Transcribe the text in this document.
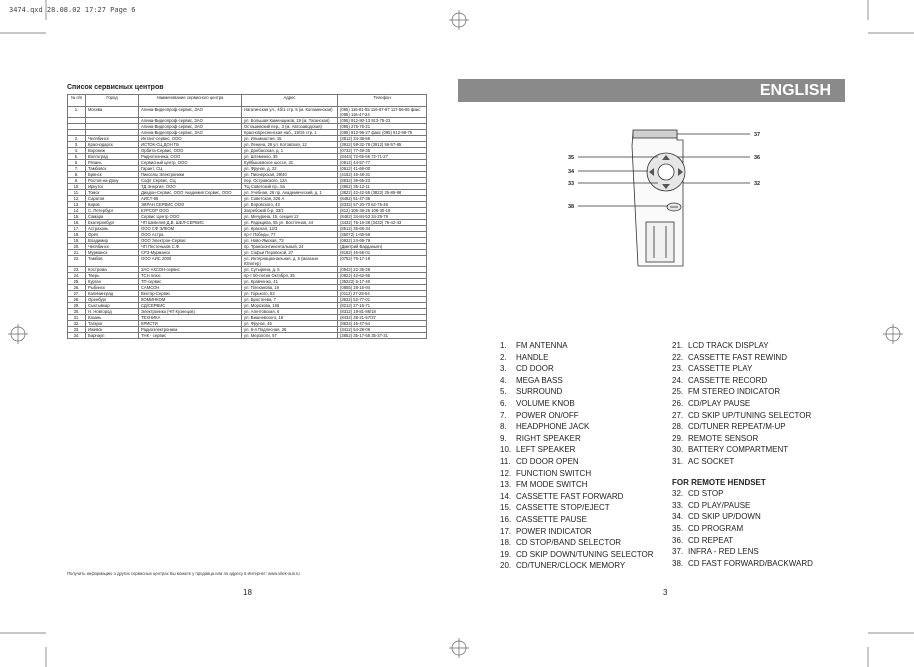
3474.qxd 28.08.02 17:27 Page 6
Список сервисных центров
№ п/п	Город	Наименование сервисного центра	Адрес	Телефон
1.	Москва	Алина-Видеопроф-сервис, ЗАО	Нагатинская ул., 4б/1 стр. 5 (м. Коломенская)	(095) 116-81-55 116-67-97 117-56-55 факс (095) 116-47-24
		Алина-Видеопроф-сервис, ЗАО	ул. Большая Каменщиков, 19 (м. Таганская)	(095) 912-90-13 913-75-23
		Алина-Видеопроф-сервис, ЗАО	Осташевский пер., 3 (м. Автозаводская)	(095) 275-76-21
		Алина-Видеопроф-сервис, ЗАО	Краснопресненская наб., 19/15 стр. 1	(095) 912-96-27 факс (095) 912-98-75
2.	Челябинск	Интант-сервис, ООО	ул. Ильмиастая, 15	(3512) 34-38-56
3.	Краснодарск	ИСТОК-СЦ ДОН ГБ	ул. Ленина, 26 ул. Котовская, 12	(3912) 59-32-78 (3912) 56-57-85
4.	Воронеж	Орбита-Сервис, ООО	ул. Донбасская, д. 1	(0732) 77-49-35
5.	Волгоград	Радиотехника, ООО	ул. Штеменко, 35	(8443) 72-65-56 72-71-27
6.	Рязань	Сервисный центр, ООО	Куйбышевское шоссе, 31	(0912) 44-57-77
7.	Тамбовск	Гарант, СЦ	ул. Фрунзе, д. 22	(0612) 41-66-00
8.	Брянск	Пикселы Электроники	ул. Пионерская, 29/40	(4162) 45-48-31
9.	Ростов-на-Дону	Софт Сервис, СЦ	пер. Островского, 12А	(8632) 39-65-23
10.	Иркутск	ТД Энергия, ООО	ТЦ Советский пр., 8а	(3952) 35-13-11
11.	Томск	Диадон-Сервис, ООО Академия Сервис, ООО	ул. Учебная, 26 пр. Академический, д. 1	(3822) 42-42-55 (3822) 25-85-98
12.	Саратов	АИСТ-96	ул. Советская, 326 А	(8452) 51-47-36
13.	Киров	ЭКРАН СЕРВИС ООО	ул. Воровского, 43	(8332) 57-20-70 62-75-46
14.	С. Петербург	КУРСОР ООО	Загребский б-р, 33/1	(812) 106-38-26 106-30-19
15.	Самара	Сервис Центр ООО	ул. Мичурина, 15, секция 12	(8462) 34-84-53 34-25-79
16.	Екатеринбург	ЧП Шевелев Д.В. ШЕЛ-СЕРВИС	ул. Радищева, 55 ул. Восточная, 44	(3432) 76-16-38 (3432) 76-42-43
17.	Астрахань	ООО СФ ЭЛКОМ	ул. Красная, 12/3	(8512) 35-68-34
18.	Орёл	ООО Астра	пр-т Победы, 77	(35072) 1-65-56
19.	Владимир	ООО Электрон-Сервис	ул. Ново-Ямская, 73	(0922) 24-69-79
20.	Челябинск	ЧП Пестеньков С.Ф.	пр. Трансконтинентальный, 24	(Дмитрий Варданьян)
21.	Мурманск	СРЗ-Мурманск	ул. Софьи Перовской, 37	(8152) 45-56-01
22.	Тамбов	ООО АИС 2000	ул. Интернациональная, д. 5 (магазин Юпитер)	(0752) 75-17-19
23.	Кострома	ЗАО АКСОН-сервис	ул. Сутырина, д. 5	(0942) 22-35-28
24.	Тверь	ТСН плюс	пр-т 50-летия Октября, 35	(0822) 42-62-95
25.	Курган	ТП-сервис	ул. Кравченко, 41	(35222) 5-17-40
26.	Рыбинск	САМСОН	ул. Плеханова, 19	(0855) 28-16-94
27.	Калининград	Вектор-Сервис	ул. Горького, 53	(0112) 27-28-54
28.	Оренбург	КОМИНКОМ	ул. Бростеева, 7	(3532) 52-77-01
29.	Сыктывкар	СД/СЕРВИС	ул. Морозова, 156	(8212) 27-16-71
30.	Н. Новгород	Электроника (ЧП Кузнецов)	ул. Агентовская, 6	(8312) 19-81-86/18
31.	Казань	ТЕХНИКА	ул. Вишневского, 18	(8432) 38-21-57/37
32.	Тагарог	КРИСТИ	ул. Фрунзе, 45	(8634) 45-47-54
33.	Ижевск	Радиоэлектроника	ул. 9-я Подлесная, 26	(3412) 54-28-06
34.	Барнаул	ТНК - сервис	ул. Мерзлоти, 57	(3852) 35-17-58 35-37-31
Получить информацию о других сервисных центрах Вы можете у продавца или по адресу в Интернет: www.vitek-aus.ru
18
ENGLISH
37
35
34
33
38
36
32
1. FM ANTENNA
2. HANDLE
3. CD DOOR
4. MEGA BASS
5. SURROUND
6. VOLUME KNOB
7. POWER ON/OFF
8. HEADPHONE JACK
9. RIGHT SPEAKER
10. LEFT SPEAKER
11. CD DOOR OPEN
12. FUNCTION SWITCH
13. FM MODE SWITCH
14. CASSETTE FAST FORWARD
15. CASSETTE STOP/EJECT
16. CASSETTE PAUSE
17. POWER INDICATOR
18. CD STOP/BAND SELECTOR
19. CD SKIP DOWN/TUNING SELECTOR
20. CD/TUNER/CLOCK MEMORY
21. LCD TRACK DISPLAY
22. CASSETTE FAST REWIND
23. CASSETTE PLAY
24. CASSETTE RECORD
25. FM STEREO INDICATOR
26. CD/PLAY PAUSE
27. CD SKIP UP/TUNING SELECTOR
28. CD/TUNER REPEAT/M-UP
29. REMOTE SENSOR
30. BATTERY COMPARTMENT
31. AC SOCKET
FOR REMOTE HENDSET
32. CD STOP
33. CD PLAY/PAUSE
34. CD SKIP UP/DOWN
35. CD PROGRAM
36. CD REPEAT
37. INFRA - RED LENS
38. CD FAST FORWARD/BACKWARD
3
